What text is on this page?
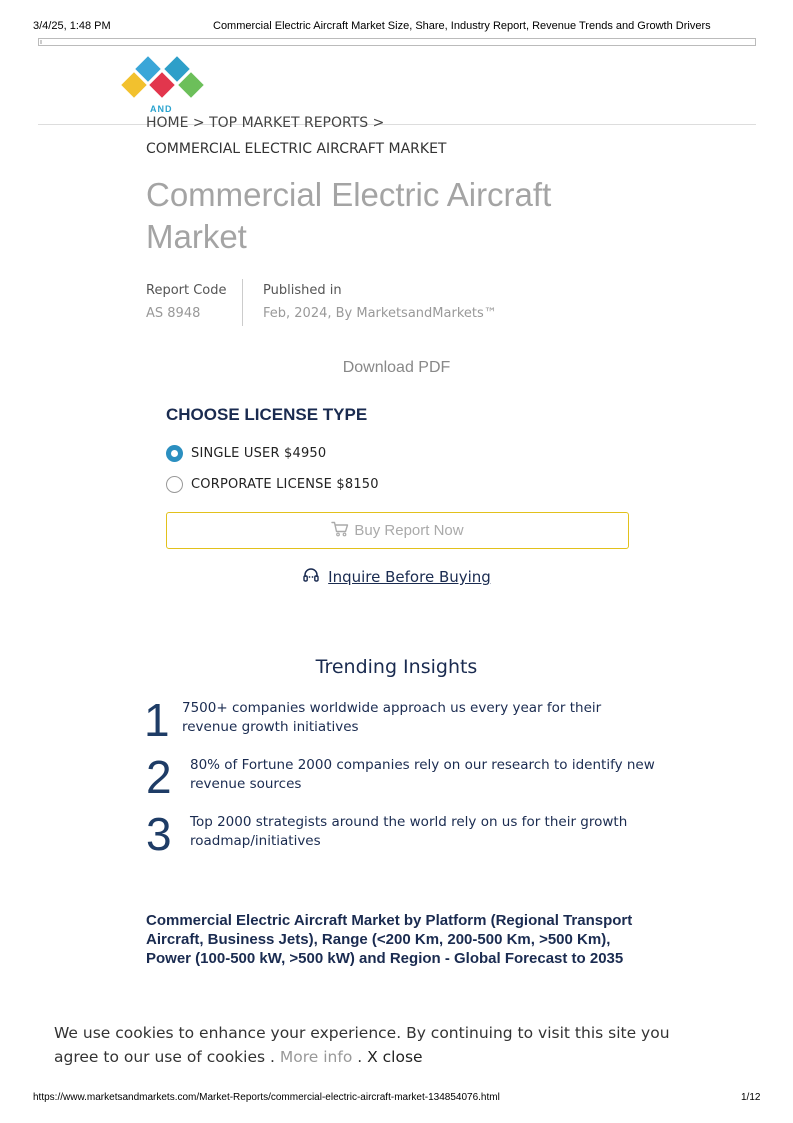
3/4/25, 1:48 PM	Commercial Electric Aircraft Market Size, Share, Industry Report, Revenue Trends and Growth Drivers
AND
HOME > TOP MARKET REPORTS >
COMMERCIAL ELECTRIC AIRCRAFT MARKET
Commercial Electric Aircraft Market
Report Code
AS 8948
Published in
Feb, 2024, By MarketsandMarkets™
Download PDF
CHOOSE LICENSE TYPE
SINGLE USER $4950
CORPORATE LICENSE $8150
Buy Report Now
Inquire Before Buying
Trending Insights
1 7500+ companies worldwide approach us every year for their revenue growth initiatives
2 80% of Fortune 2000 companies rely on our research to identify new revenue sources
3 Top 2000 strategists around the world rely on us for their growth roadmap/initiatives
Commercial Electric Aircraft Market by Platform (Regional Transport Aircraft, Business Jets), Range (<200 Km, 200-500 Km, >500 Km), Power (100-500 kW, >500 kW) and Region - Global Forecast to 2035
We use cookies to enhance your experience. By continuing to visit this site you agree to our use of cookies . More info . X close
https://www.marketsandmarkets.com/Market-Reports/commercial-electric-aircraft-market-134854076.html	1/12
